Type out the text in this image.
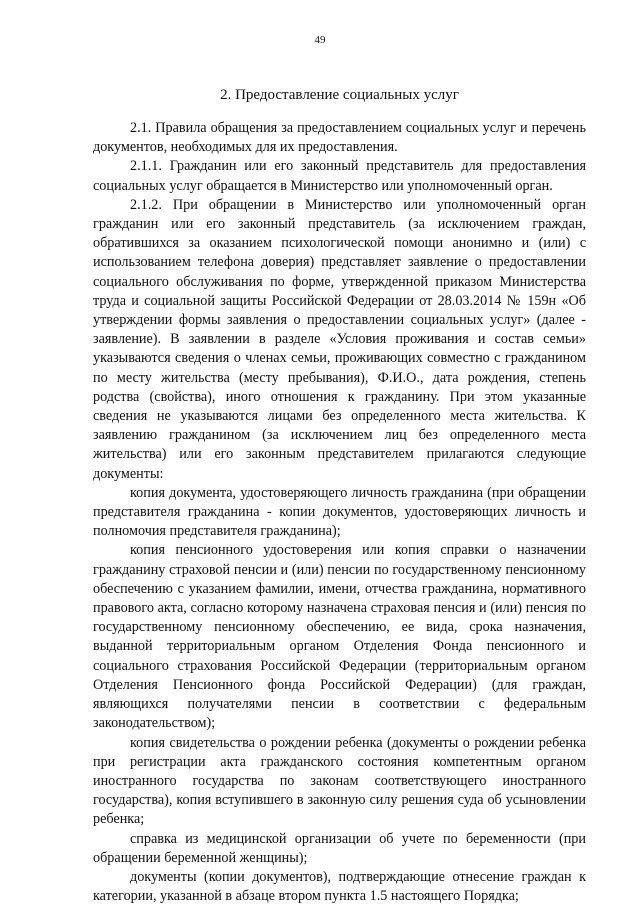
49
2. Предоставление социальных услуг

2.1. Правила обращения за предоставлением социальных услуг и перечень документов, необходимых для их предоставления.

2.1.1. Гражданин или его законный представитель для предоставления социальных услуг обращается в Министерство или уполномоченный орган.

2.1.2. При обращении в Министерство или уполномоченный орган гражданин или его законный представитель (за исключением граждан, обратившихся за оказанием психологической помощи анонимно и (или) с использованием телефона доверия) представляет заявление о предоставлении социального обслуживания по форме, утвержденной приказом Министерства труда и социальной защиты Российской Федерации от 28.03.2014 № 159н «Об утверждении формы заявления о предоставлении социальных услуг» (далее - заявление). В заявлении в разделе «Условия проживания и состав семьи» указываются сведения о членах семьи, проживающих совместно с гражданином по месту жительства (месту пребывания), Ф.И.О., дата рождения, степень родства (свойства), иного отношения к гражданину. При этом указанные сведения не указываются лицами без определенного места жительства. К заявлению гражданином (за исключением лиц без определенного места жительства) или его законным представителем прилагаются следующие документы:

копия документа, удостоверяющего личность гражданина (при обращении представителя гражданина - копии документов, удостоверяющих личность и полномочия представителя гражданина);

копия пенсионного удостоверения или копия справки о назначении гражданину страховой пенсии и (или) пенсии по государственному пенсионному обеспечению с указанием фамилии, имени, отчества гражданина, нормативного правового акта, согласно которому назначена страховая пенсия и (или) пенсия по государственному пенсионному обеспечению, ее вида, срока назначения, выданной территориальным органом Отделения Фонда пенсионного и социального страхования Российской Федерации (территориальным органом Отделения Пенсионного фонда Российской Федерации) (для граждан, являющихся получателями пенсии в соответствии с федеральным законодательством);

копия свидетельства о рождении ребенка (документы о рождении ребенка при регистрации акта гражданского состояния компетентным органом иностранного государства по законам соответствующего иностранного государства), копия вступившего в законную силу решения суда об усыновлении ребенка;

справка из медицинской организации об учете по беременности (при обращении беременной женщины);

документы (копии документов), подтверждающие отнесение граждан к категории, указанной в абзаце втором пункта 1.5 настоящего Порядка;
